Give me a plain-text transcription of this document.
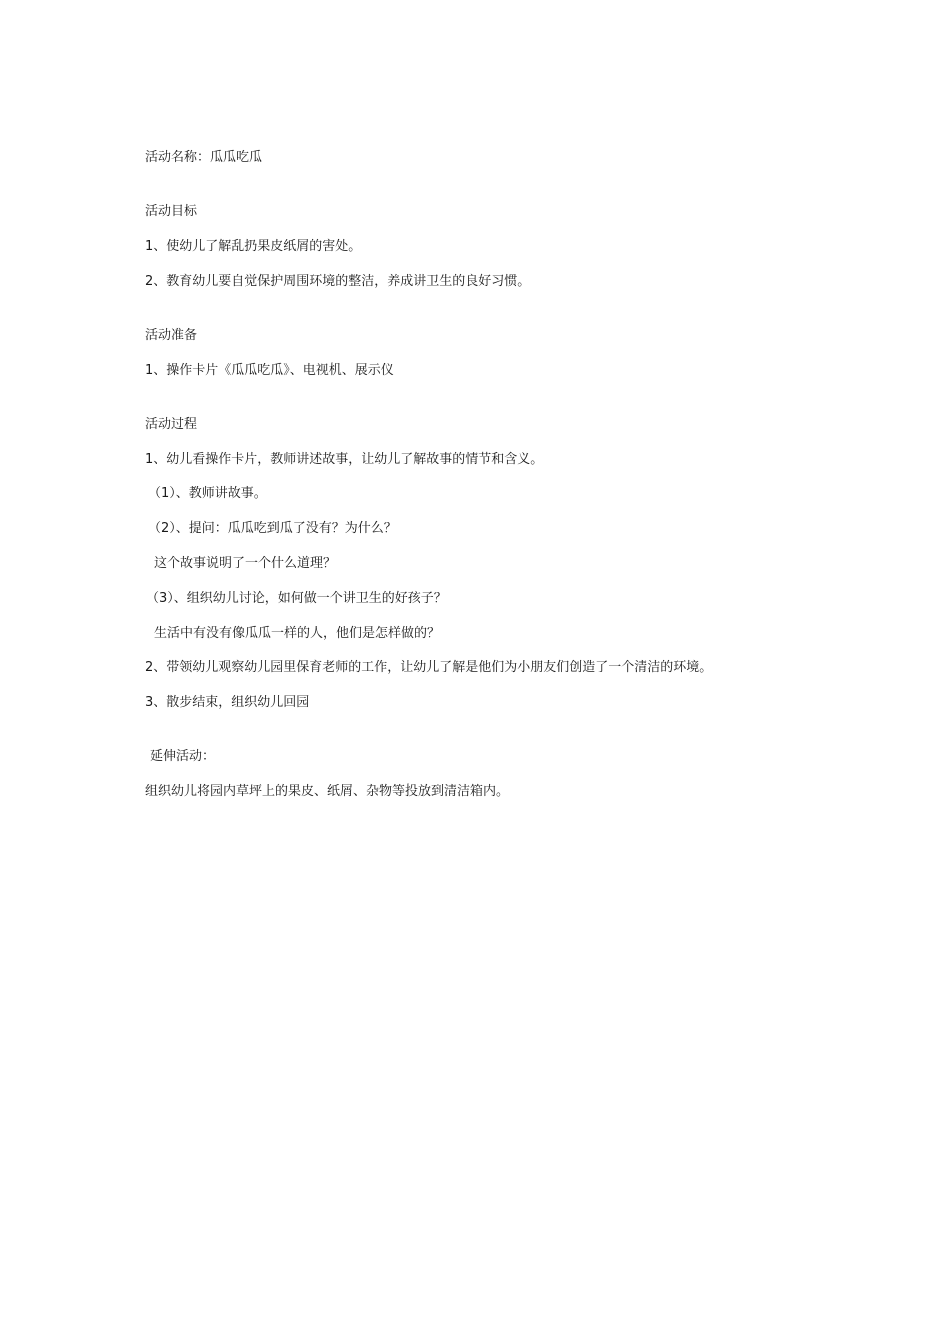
活动名称：瓜瓜吃瓜
活动目标
1、使幼儿了解乱扔果皮纸屑的害处。
2、教育幼儿要自觉保护周围环境的整洁，养成讲卫生的良好习惯。
活动准备
1、操作卡片《瓜瓜吃瓜》、电视机、展示仪
活动过程
1、幼儿看操作卡片，教师讲述故事，让幼儿了解故事的情节和含义。
（1）、教师讲故事。
（2）、提问：瓜瓜吃到瓜了没有？为什么？
这个故事说明了一个什么道理？
（3）、组织幼儿讨论，如何做一个讲卫生的好孩子？
生活中有没有像瓜瓜一样的人，他们是怎样做的？
2、带领幼儿观察幼儿园里保育老师的工作，让幼儿了解是他们为小朋友们创造了一个清洁的环境。
3、散步结束，组织幼儿回园
延伸活动：
组织幼儿将园内草坪上的果皮、纸屑、杂物等投放到清洁箱内。
